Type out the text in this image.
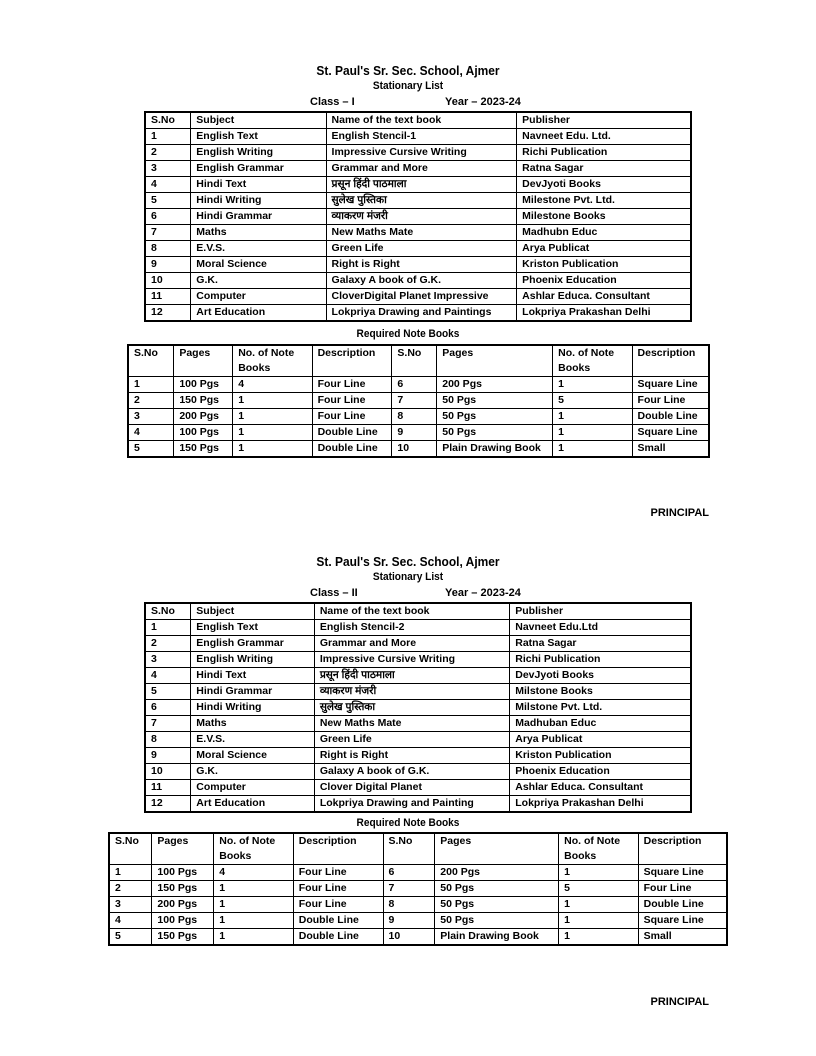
St. Paul's Sr. Sec. School, Ajmer
Stationary List
Class – I	Year – 2023-24
S.No	Subject	Name of the text book	Publisher
1	English Text	English Stencil-1	Navneet Edu. Ltd.
2	English Writing	Impressive Cursive Writing	Richi Publication
3	English Grammar	Grammar and More	Ratna Sagar
4	Hindi Text	प्रसून हिंदी पाठमाला	DevJyoti Books
5	Hindi Writing	सुलेख पुस्तिका	Milestone Pvt. Ltd.
6	Hindi Grammar	व्याकरण मंजरी	Milestone Books
7	Maths	New Maths Mate	Madhubn Educ
8	E.V.S.	Green Life	Arya Publicat
9	Moral Science	Right is Right	Kriston Publication
10	G.K.	Galaxy A book of G.K.	Phoenix Education
11	Computer	CloverDigital Planet Impressive	Ashlar Educa. Consultant
12	Art Education	Lokpriya Drawing and Paintings	Lokpriya Prakashan Delhi
Required Note Books
S.No	Pages	No. of Note Books	Description	S.No	Pages	No. of Note Books	Description
1	100 Pgs	4	Four Line	6	200 Pgs	1	Square Line
2	150 Pgs	1	Four Line	7	50 Pgs	5	Four Line
3	200 Pgs	1	Four Line	8	50 Pgs	1	Double Line
4	100 Pgs	1	Double Line	9	50 Pgs	1	Square Line
5	150 Pgs	1	Double Line	10	Plain Drawing Book	1	Small
PRINCIPAL
St. Paul's Sr. Sec. School, Ajmer
Stationary List
Class – II	Year – 2023-24
S.No	Subject	Name of the text book	Publisher
1	English Text	English Stencil-2	Navneet Edu.Ltd
2	English Grammar	Grammar and More	Ratna Sagar
3	English Writing	Impressive Cursive Writing	Richi Publication
4	Hindi Text	प्रसून हिंदी पाठमाला	DevJyoti Books
5	Hindi Grammar	व्याकरण मंजरी	Milstone Books
6	Hindi Writing	सुलेख पुस्तिका	Milstone Pvt. Ltd.
7	Maths	New Maths Mate	Madhuban Educ
8	E.V.S.	Green Life	Arya Publicat
9	Moral Science	Right is Right	Kriston Publication
10	G.K.	Galaxy A book of G.K.	Phoenix Education
11	Computer	Clover Digital Planet	Ashlar Educa. Consultant
12	Art Education	Lokpriya Drawing and Painting	Lokpriya Prakashan Delhi
Required Note Books
S.No	Pages	No. of Note Books	Description	S.No	Pages	No. of Note Books	Description
1	100 Pgs	4	Four Line	6	200 Pgs	1	Square Line
2	150 Pgs	1	Four Line	7	50 Pgs	5	Four Line
3	200 Pgs	1	Four Line	8	50 Pgs	1	Double Line
4	100 Pgs	1	Double Line	9	50 Pgs	1	Square Line
5	150 Pgs	1	Double Line	10	Plain Drawing Book	1	Small
PRINCIPAL
